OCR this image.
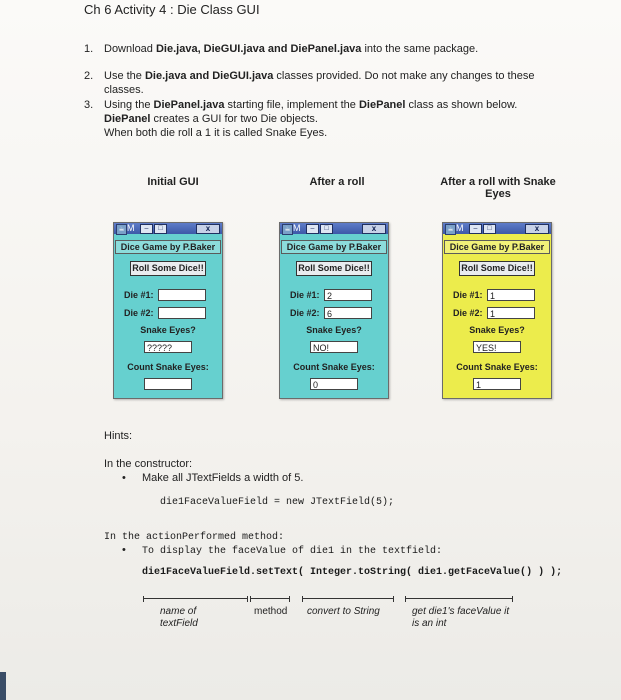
Ch 6 Activity 4 : Die Class GUI
1. Download Die.java, DieGUI.java and DiePanel.java into the same package.
2. Use the Die.java and DieGUI.java classes provided. Do not make any changes to these classes.
3. Using the DiePanel.java starting file, implement the DiePanel class as shown below.
DiePanel creates a GUI for two Die objects.
When both die roll a 1 it is called Snake Eyes.
Initial GUI	After a roll	After a roll with Snake Eyes
☕ M	–	□	x
Dice Game by P.Baker
Roll Some Dice!!
Die #1:
Die #2:
Snake Eyes?
?????
Count Snake Eyes:
☕ M	–	□	x
Dice Game by P.Baker
Roll Some Dice!!
Die #1: 2
Die #2: 6
Snake Eyes?
NO!
Count Snake Eyes:
0
☕ M	–	□	x
Dice Game by P.Baker
Roll Some Dice!!
Die #1: 1
Die #2: 1
Snake Eyes?
YES!
Count Snake Eyes:
1
Hints:
In the constructor:
• Make all JTextFields a width of 5.
die1FaceValueField = new JTextField(5);
In the actionPerformed method:
• To display the faceValue of die1 in the textfield:
die1FaceValueField.setText( Integer.toString( die1.getFaceValue() ) );
name of textField
method convert to String	get die1's faceValue it is an int
